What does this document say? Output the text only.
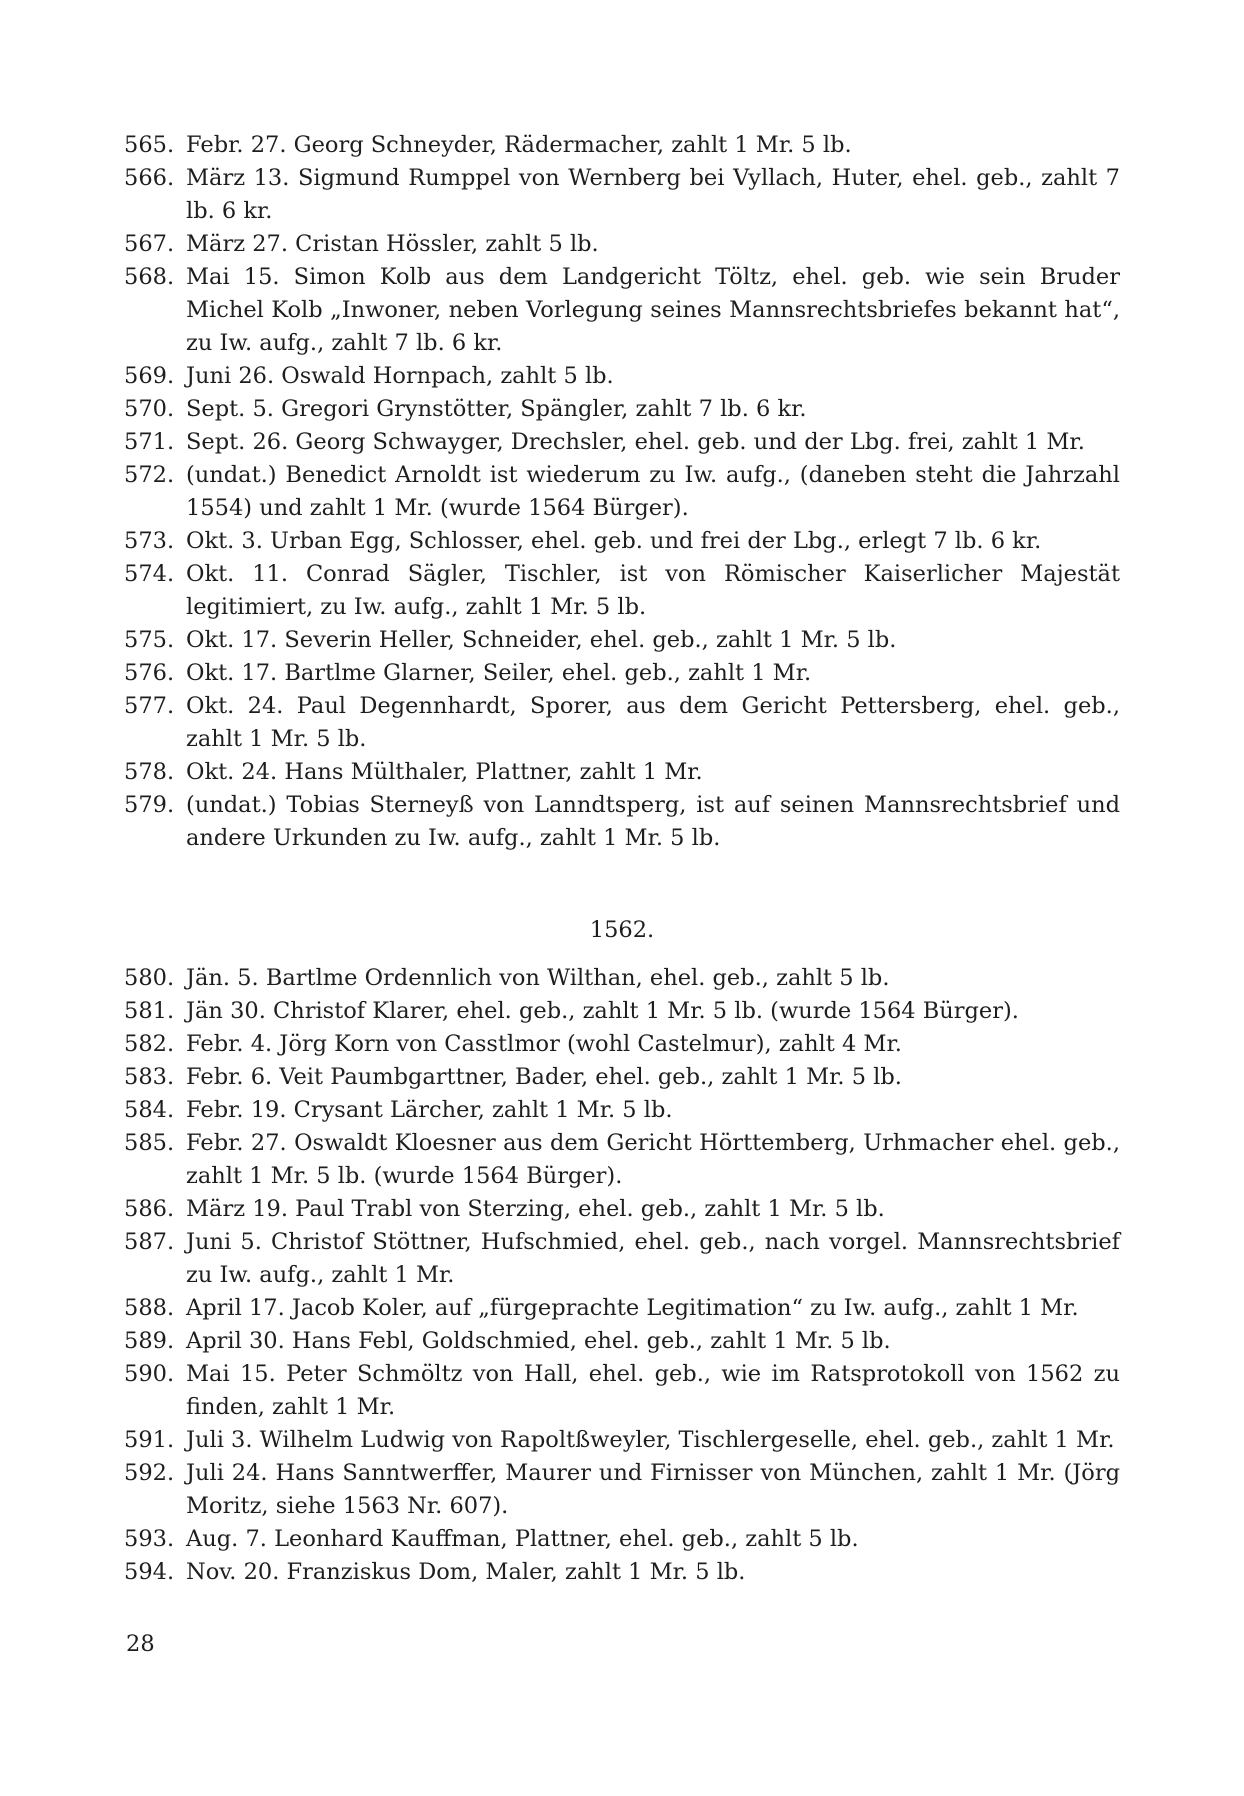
565. Febr. 27. Georg Schneyder, Rädermacher, zahlt 1 Mr. 5 lb.
566. März 13. Sigmund Rumppel von Wernberg bei Vyllach, Huter, ehel. geb., zahlt 7 lb. 6 kr.
567. März 27. Cristan Hössler, zahlt 5 lb.
568. Mai 15. Simon Kolb aus dem Landgericht Töltz, ehel. geb. wie sein Bruder Michel Kolb „Inwoner, neben Vorlegung seines Mannsrechtsbriefes bekannt hat“, zu Iw. aufg., zahlt 7 lb. 6 kr.
569. Juni 26. Oswald Hornpach, zahlt 5 lb.
570. Sept. 5. Gregori Grynstötter, Spängler, zahlt 7 lb. 6 kr.
571. Sept. 26. Georg Schwayger, Drechsler, ehel. geb. und der Lbg. frei, zahlt 1 Mr.
572. (undat.) Benedict Arnoldt ist wiederum zu Iw. aufg., (daneben steht die Jahrzahl 1554) und zahlt 1 Mr. (wurde 1564 Bürger).
573. Okt. 3. Urban Egg, Schlosser, ehel. geb. und frei der Lbg., erlegt 7 lb. 6 kr.
574. Okt. 11. Conrad Sägler, Tischler, ist von Römischer Kaiserlicher Majestät legitimiert, zu Iw. aufg., zahlt 1 Mr. 5 lb.
575. Okt. 17. Severin Heller, Schneider, ehel. geb., zahlt 1 Mr. 5 lb.
576. Okt. 17. Bartlme Glarner, Seiler, ehel. geb., zahlt 1 Mr.
577. Okt. 24. Paul Degennhardt, Sporer, aus dem Gericht Pettersberg, ehel. geb., zahlt 1 Mr. 5 lb.
578. Okt. 24. Hans Mülthaler, Plattner, zahlt 1 Mr.
579. (undat.) Tobias Sterneyß von Lanndtsperg, ist auf seinen Mannsrechtsbrief und andere Urkunden zu Iw. aufg., zahlt 1 Mr. 5 lb.
1562.
580. Jän. 5. Bartlme Ordennlich von Wilthan, ehel. geb., zahlt 5 lb.
581. Jän 30. Christof Klarer, ehel. geb., zahlt 1 Mr. 5 lb. (wurde 1564 Bürger).
582. Febr. 4. Jörg Korn von Casstlmor (wohl Castelmur), zahlt 4 Mr.
583. Febr. 6. Veit Paumbgarttner, Bader, ehel. geb., zahlt 1 Mr. 5 lb.
584. Febr. 19. Crysant Lärcher, zahlt 1 Mr. 5 lb.
585. Febr. 27. Oswaldt Kloesner aus dem Gericht Hörttemberg, Urhmacher ehel. geb., zahlt 1 Mr. 5 lb. (wurde 1564 Bürger).
586. März 19. Paul Trabl von Sterzing, ehel. geb., zahlt 1 Mr. 5 lb.
587. Juni 5. Christof Stöttner, Hufschmied, ehel. geb., nach vorgel. Mannsrechtsbrief zu Iw. aufg., zahlt 1 Mr.
588. April 17. Jacob Koler, auf „fürgeprachte Legitimation“ zu Iw. aufg., zahlt 1 Mr.
589. April 30. Hans Febl, Goldschmied, ehel. geb., zahlt 1 Mr. 5 lb.
590. Mai 15. Peter Schmöltz von Hall, ehel. geb., wie im Ratsprotokoll von 1562 zu finden, zahlt 1 Mr.
591. Juli 3. Wilhelm Ludwig von Rapoltßweyler, Tischlergeselle, ehel. geb., zahlt 1 Mr.
592. Juli 24. Hans Sanntwerffer, Maurer und Firnisser von München, zahlt 1 Mr. (Jörg Moritz, siehe 1563 Nr. 607).
593. Aug. 7. Leonhard Kauffman, Plattner, ehel. geb., zahlt 5 lb.
594. Nov. 20. Franziskus Dom, Maler, zahlt 1 Mr. 5 lb.
28
